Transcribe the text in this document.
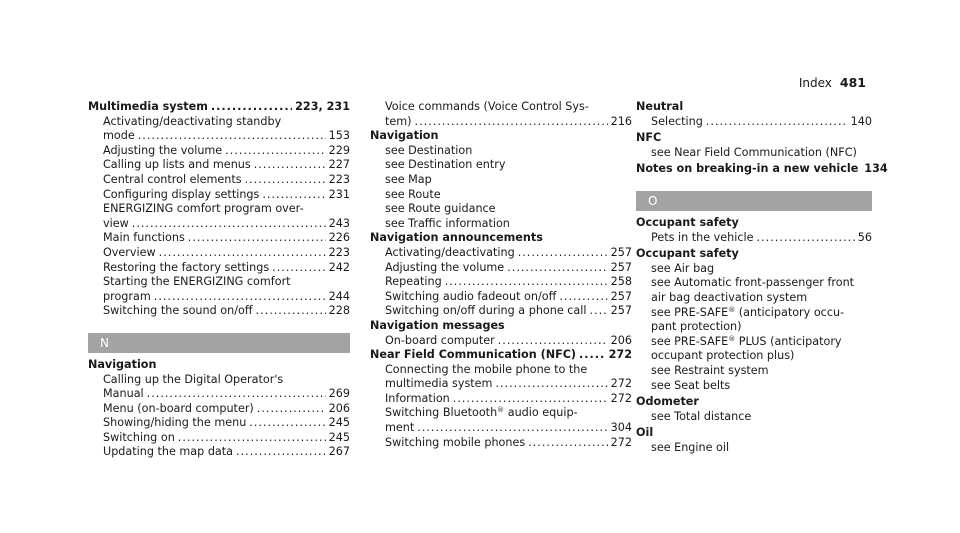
Index 481
Multimedia system .....	223, 231
Activating/deactivating standby
mode .....	153
Adjusting the volume .....	229
Calling up lists and menus .....	227
Central control elements .....	223
Configuring display settings .....	231
ENERGIZING comfort program over-
view .....	243
Main functions .....	226
Overview .....	223
Restoring the factory settings .....	242
Starting the ENERGIZING comfort
program .....	244
Switching the sound on/off .....	228
N
Navigation
Calling up the Digital Operator's
Manual .....	269
Menu (on-board computer) .....	206
Showing/hiding the menu .....	245
Switching on .....	245
Updating the map data .....	267
Voice commands (Voice Control Sys-
tem) .....	216
Navigation
see Destination
see Destination entry
see Map
see Route
see Route guidance
see Traffic information
Navigation announcements
Activating/deactivating .....	257
Adjusting the volume .....	257
Repeating .....	258
Switching audio fadeout on/off .....	257
Switching on/off during a phone call ..... 257
Navigation messages
On-board computer .....	206
Near Field Communication (NFC) .....	272
Connecting the mobile phone to the
multimedia system .....	272
Information .....	272
Switching Bluetooth® audio equip-
ment .....	304
Switching mobile phones .....	272
Neutral
Selecting .....	140
NFC
see Near Field Communication (NFC)
Notes on breaking-in a new vehicle 134
O
Occupant safety
Pets in the vehicle .....	56
Occupant safety
see Air bag
see Automatic front-passenger front
air bag deactivation system
see PRE-SAFE® (anticipatory occu-
pant protection)
see PRE-SAFE® PLUS (anticipatory
occupant protection plus)
see Restraint system
see Seat belts
Odometer
see Total distance
Oil
see Engine oil
